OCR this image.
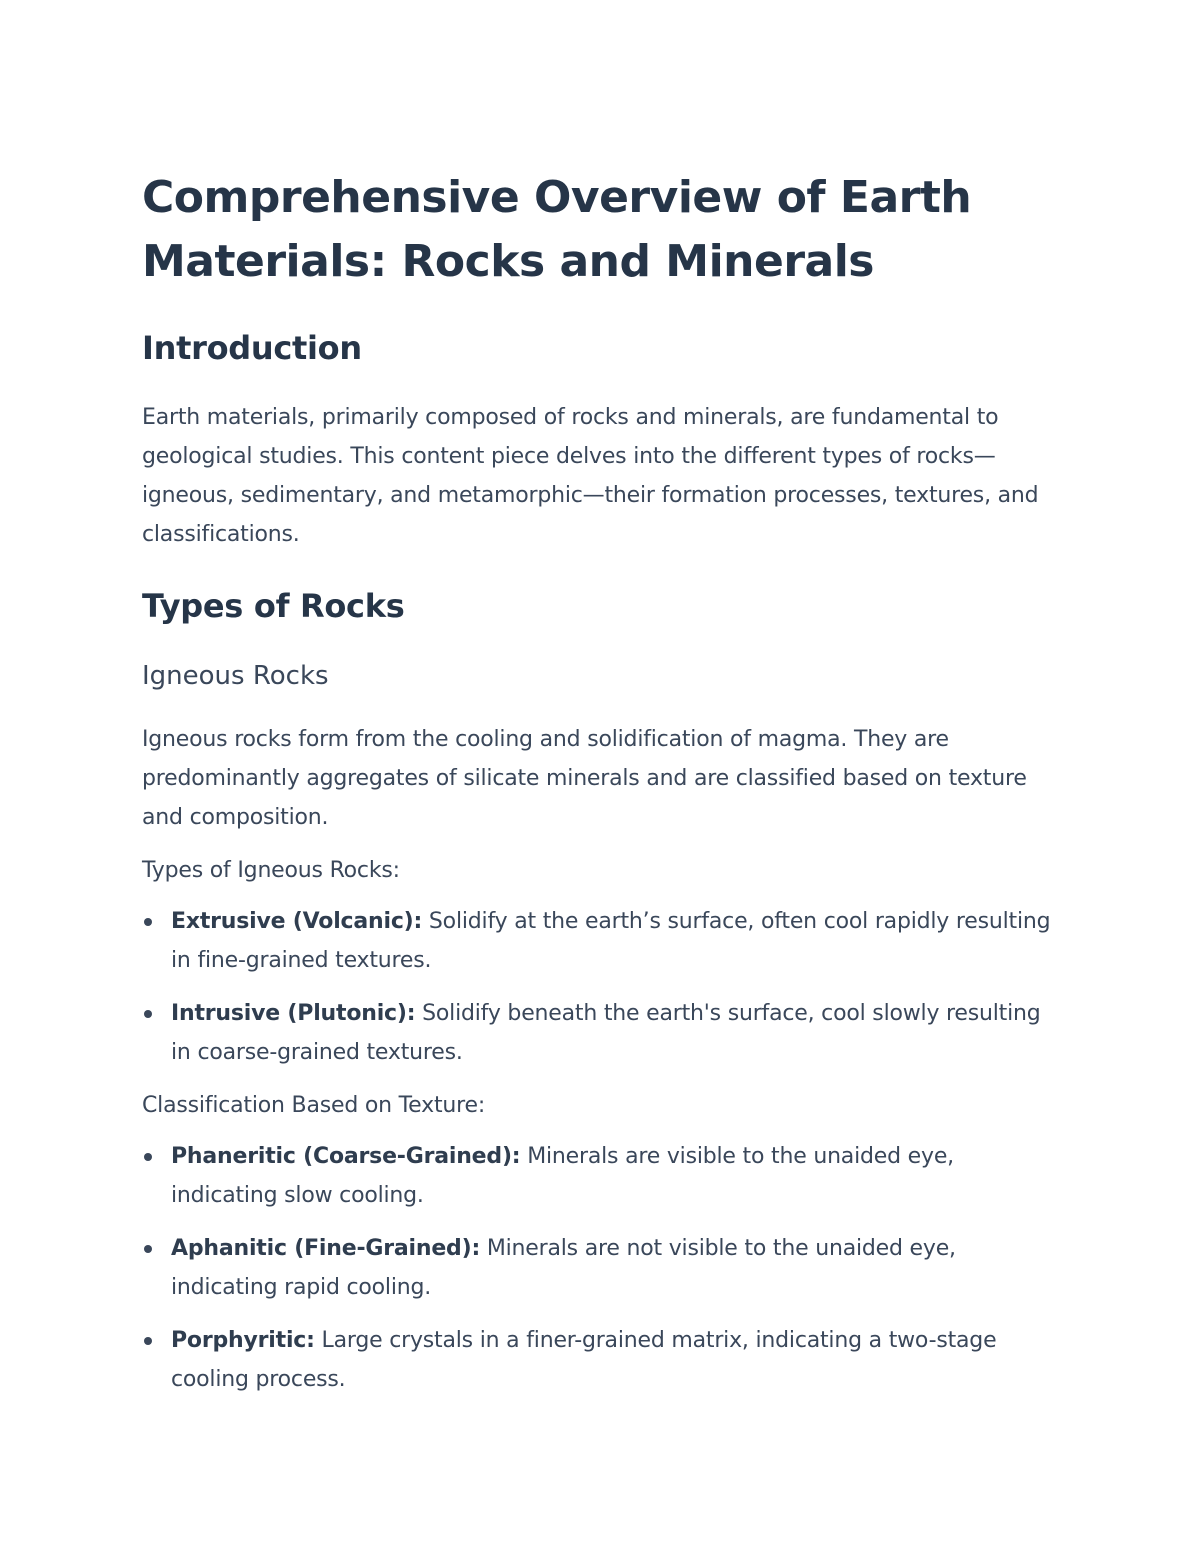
Comprehensive Overview of Earth Materials: Rocks and Minerals
Introduction

Earth materials, primarily composed of rocks and minerals, are fundamental to geological studies. This content piece delves into the different types of rocks—igneous, sedimentary, and metamorphic—their formation processes, textures, and classifications.

Types of Rocks
Igneous Rocks

Igneous rocks form from the cooling and solidification of magma. They are predominantly aggregates of silicate minerals and are classified based on texture and composition.

Types of Igneous Rocks:

Extrusive (Volcanic): Solidify at the earth’s surface, often cool rapidly resulting in fine-grained textures.
Intrusive (Plutonic): Solidify beneath the earth's surface, cool slowly resulting in coarse-grained textures.

Classification Based on Texture:

Phaneritic (Coarse-Grained): Minerals are visible to the unaided eye, indicating slow cooling.
Aphanitic (Fine-Grained): Minerals are not visible to the unaided eye, indicating rapid cooling.
Porphyritic: Large crystals in a finer-grained matrix, indicating a two-stage cooling process.
